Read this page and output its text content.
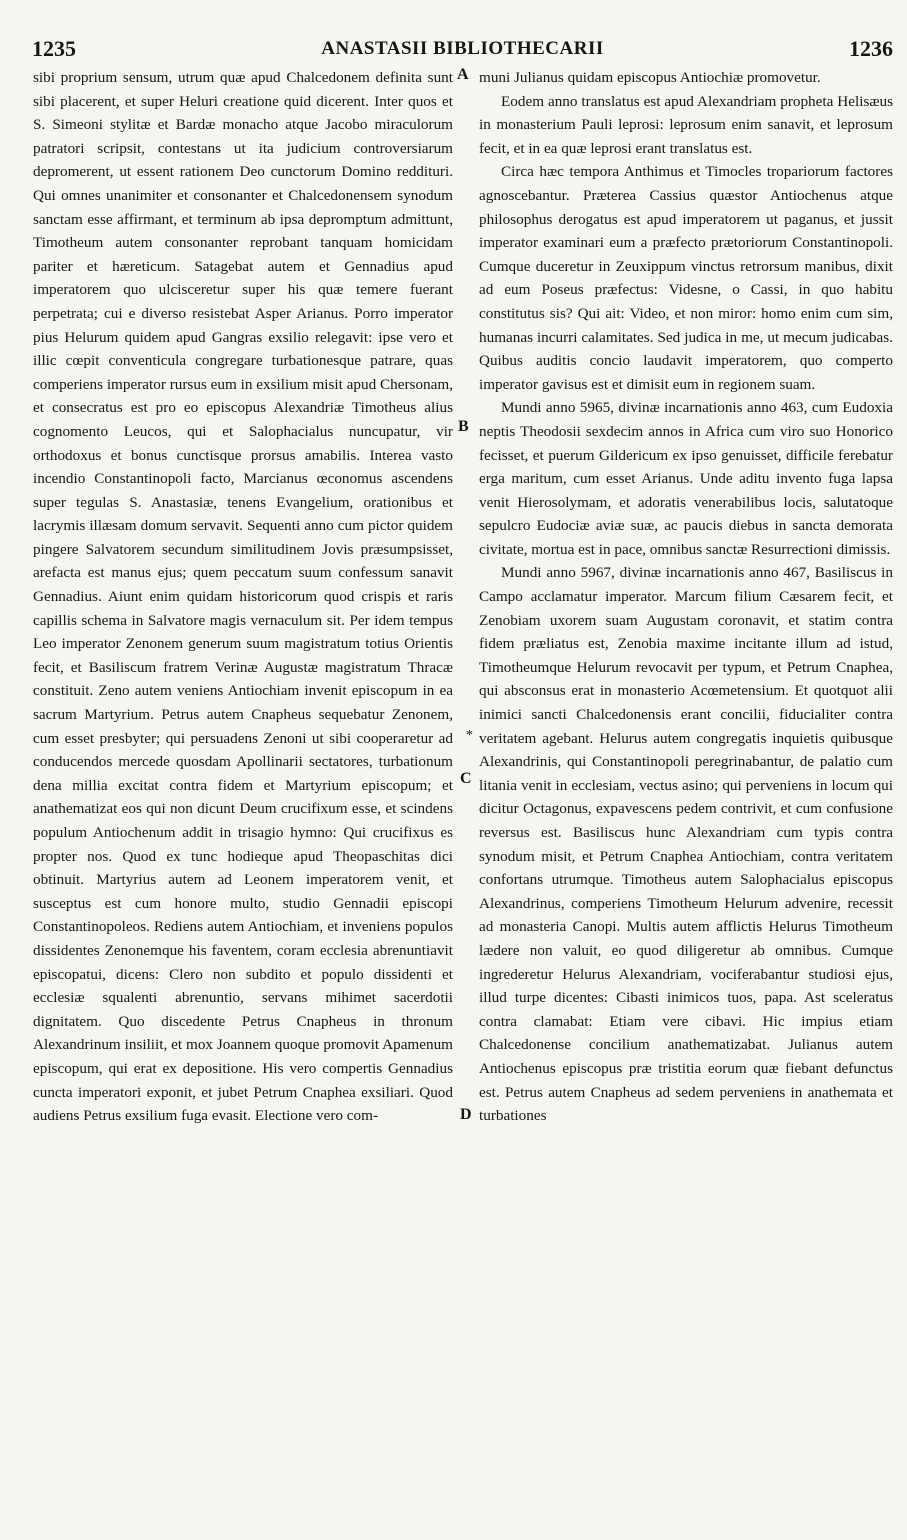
1235	ANASTASII BIBLIOTHECARII	1236

sibi proprium sensum, utrum quæ apud Chalcedonem definita sunt sibi placerent, et super Heluri creatione quid dicerent. Inter quos et S. Simeoni stylitæ et Bardæ monacho atque Jacobo miraculorum patratori scripsit, contestans ut ita judicium controversiarum depromerent, ut essent rationem Deo cunctorum Domino reddituri. Qui omnes unanimiter et consonanter et Chalcedonensem synodum sanctam esse affirmant, et terminum ab ipsa depromptum admittunt, Timotheum autem consonanter reprobant tanquam homicidam pariter et hæreticum. Satagebat autem et Gennadius apud imperatorem quo ulcisceretur super his quæ temere fuerant perpetrata; cui e diverso resistebat Asper Arianus. Porro imperator pius Helurum quidem apud Gangras exsilio relegavit: ipse vero et illic cœpit conventicula congregare turbationesque patrare, quas comperiens imperator rursus eum in exsilium misit apud Chersonam, et consecratus est pro eo episcopus Alexandriæ Timotheus alius cognomento Leucos, qui et Salophacialus nuncupatur, vir orthodoxus et bonus cunctisque prorsus amabilis. Interea vasto incendio Constantinopoli facto, Marcianus œconomus ascendens super tegulas S. Anastasiæ, tenens Evangelium, orationibus et lacrymis illæsam domum servavit. Sequenti anno cum pictor quidem pingere Salvatorem secundum similitudinem Jovis præsumpsisset, arefacta est manus ejus; quem peccatum suum confessum sanavit Gennadius. Aiunt enim quidam historicorum quod crispis et raris capillis schema in Salvatore magis vernaculum sit. Per idem tempus Leo imperator Zenonem generum suum magistratum totius Orientis fecit, et Basiliscum fratrem Verinæ Augustæ magistratum Thracæ constituit. Zeno autem veniens Antiochiam invenit episcopum in ea sacrum Martyrium. Petrus autem Cnapheus sequebatur Zenonem, cum esset presbyter; qui persuadens Zenoni ut sibi cooperaretur ad conducendos mercede quosdam Apollinarii sectatores, turbationum dena millia excitat contra fidem et Martyrium episcopum; et anathematizat eos qui non dicunt Deum crucifixum esse, et scindens populum Antiochenum addit in trisagio hymno: Qui crucifixus es propter nos. Quod ex tunc hodieque apud Theopaschitas dici obtinuit. Martyrius autem ad Leonem imperatorem venit, et susceptus est cum honore multo, studio Gennadii episcopi Constantinopoleos. Rediens autem Antiochiam, et inveniens populos dissidentes Zenonemque his faventem, coram ecclesia abrenuntiavit episcopatui, dicens: Clero non subdito et populo dissidenti et ecclesiæ squalenti abrenuntio, servans mihimet sacerdotii dignitatem. Quo discedente Petrus Cnapheus in thronum Alexandrinum insiliit, et mox Joannem quoque promovit Apamenum episcopum, qui erat ex depositione. His vero compertis Gennadius cuncta imperatori exponit, et jubet Petrum Cnaphea exsiliari. Quod audiens Petrus exsilium fuga evasit. Electione vero com-

A
B
*
C
D

muni Julianus quidam episcopus Antiochiæ promovetur.

Eodem anno translatus est apud Alexandriam propheta Helisæus in monasterium Pauli leprosi: leprosum enim sanavit, et leprosum fecit, et in ea quæ leprosi erant translatus est.

Circa hæc tempora Anthimus et Timocles tropariorum factores agnoscebantur. Præterea Cassius quæstor Antiochenus atque philosophus derogatus est apud imperatorem ut paganus, et jussit imperator examinari eum a præfecto prætoriorum Constantinopoli. Cumque duceretur in Zeuxippum vinctus retrorsum manibus, dixit ad eum Poseus præfectus: Videsne, o Cassi, in quo habitu constitutus sis? Qui ait: Video, et non miror: homo enim cum sim, humanas incurri calamitates. Sed judica in me, ut mecum judicabas. Quibus auditis concio laudavit imperatorem, quo comperto imperator gavisus est et dimisit eum in regionem suam.

Mundi anno 5965, divinæ incarnationis anno 463, cum Eudoxia neptis Theodosii sexdecim annos in Africa cum viro suo Honorico fecisset, et puerum Gildericum ex ipso genuisset, difficile ferebatur erga maritum, cum esset Arianus. Unde aditu invento fuga lapsa venit Hierosolymam, et adoratis venerabilibus locis, salutatoque sepulcro Eudociæ aviæ suæ, ac paucis diebus in sancta demorata civitate, mortua est in pace, omnibus sanctæ Resurrectioni dimissis.

Mundi anno 5967, divinæ incarnationis anno 467, Basiliscus in Campo acclamatur imperator. Marcum filium Cæsarem fecit, et Zenobiam uxorem suam Augustam coronavit, et statim contra fidem præliatus est, Zenobia maxime incitante illum ad istud, Timotheumque Helurum revocavit per typum, et Petrum Cnaphea, qui absconsus erat in monasterio Acœmetensium. Et quotquot alii inimici sancti Chalcedonensis erant concilii, fiducialiter contra veritatem agebant. Helurus autem congregatis inquietis quibusque Alexandrinis, qui Constantinopoli peregrinabantur, de palatio cum litania venit in ecclesiam, vectus asino; qui perveniens in locum qui dicitur Octagonus, expavescens pedem contrivit, et cum confusione reversus est. Basiliscus hunc Alexandriam cum typis contra synodum misit, et Petrum Cnaphea Antiochiam, contra veritatem confortans utrumque. Timotheus autem Salophacialus episcopus Alexandrinus, comperiens Timotheum Helurum advenire, recessit ad monasteria Canopi. Multis autem afflictis Helurus Timotheum lædere non valuit, eo quod diligeretur ab omnibus. Cumque ingrederetur Helurus Alexandriam, vociferabantur studiosi ejus, illud turpe dicentes: Cibasti inimicos tuos, papa. Ast sceleratus contra clamabat: Etiam vere cibavi. Hic impius etiam Chalcedonense concilium anathematizabat. Julianus autem Antiochenus episcopus præ tristitia eorum quæ fiebant defunctus est. Petrus autem Cnapheus ad sedem perveniens in anathemata et turbationes
